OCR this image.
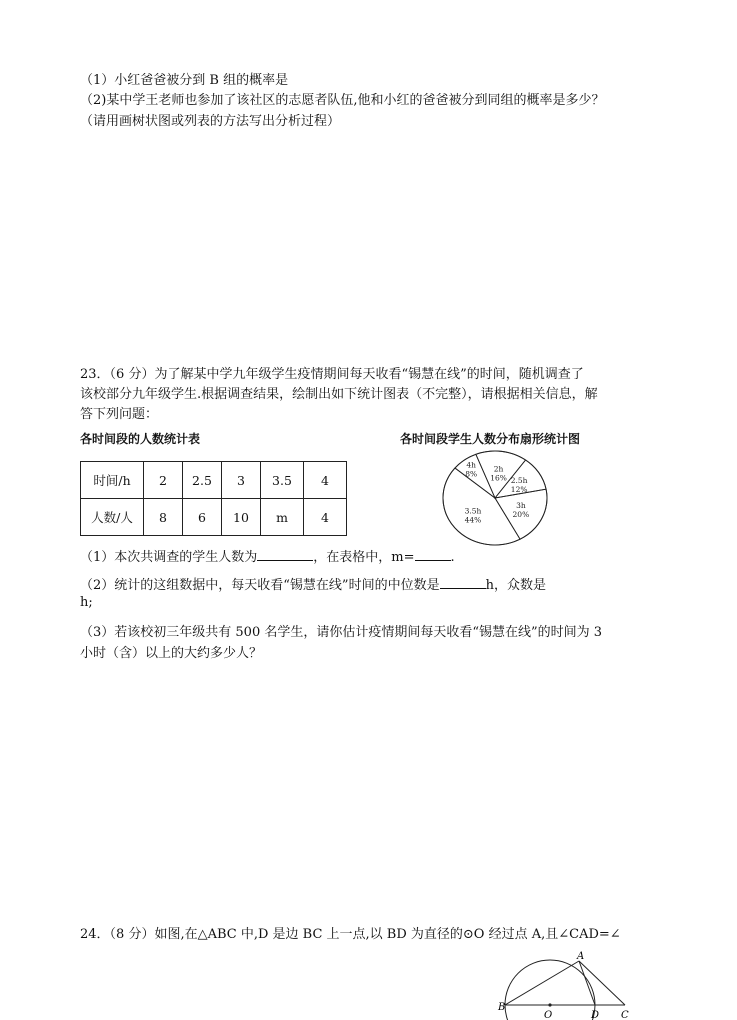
（1）小红爸爸被分到 B 组的概率是
（2)某中学王老师也参加了该社区的志愿者队伍,他和小红的爸爸被分到同组的概率是多少？
（请用画树状图或列表的方法写出分析过程）
23．（6 分）为了解某中学九年级学生疫情期间每天收看“锡慧在线”的时间，随机调查了
该校部分九年级学生.根据调查结果，绘制出如下统计图表（不完整），请根据相关信息，解
答下列问题：
各时间段的人数统计表	各时间段学生人数分布扇形统计图
时间/h	2	2.5	3	3.5	4
人数/人	8	6	10	m	4
2h
16% 2.5h
12%
3h
20%
3.5h
44%
4h
8%
（1）本次共调查的学生人数为	，在表格中，m=	.
（2）统计的这组数据中，每天收看“锡慧在线”时间的中位数是	h，众数是
h;
（3）若该校初三年级共有 500 名学生，请你估计疫情期间每天收看“锡慧在线”的时间为 3
小时（含）以上的大约多少人？
24．（8 分）如图,在△ABC 中,D 是边 BC 上一点,以 BD 为直径的⊙O 经过点 A,且∠CAD=∠
A
B
O	D C
